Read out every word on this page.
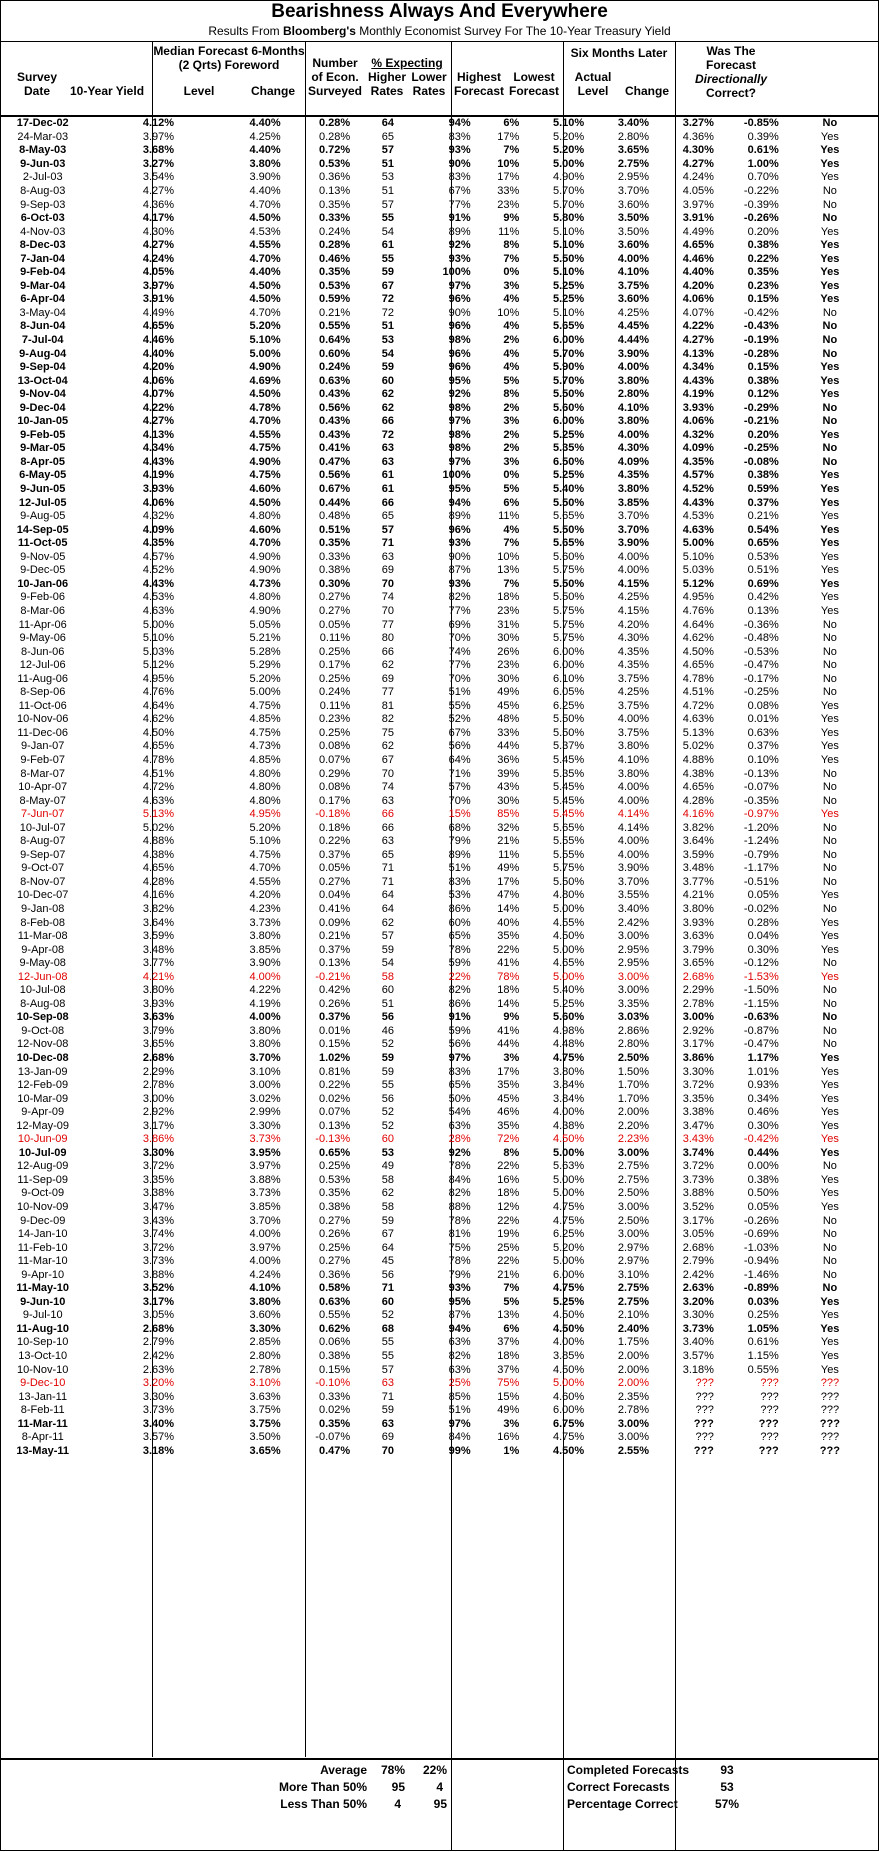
Bearishness Always And Everywhere
Results From Bloomberg's Monthly Economist Survey For The 10-Year Treasury Yield
Survey
Date	10-Year Yield
Median Forecast 6-Months
(2 Qrts) Foreword
Level	Change
Number
of Econ.
Surveyed
% Expecting
Higher
Rates
Lower
Rates
Highest
Forecast
Lowest
Forecast
Six Months Later
Actual
Level	Change
Was The
Forecast
Directionally
Correct?
17-Dec-02	4.12%	4.40%	0.28%	64	94%	6%	5.10%	3.40%	3.27%	-0.85%	No
24-Mar-03	3.97%	4.25%	0.28%	65	83%	17%	5.20%	2.80%	4.36%	0.39%	Yes
8-May-03	3.68%	4.40%	0.72%	57	93%	7%	5.20%	3.65%	4.30%	0.61%	Yes
9-Jun-03	3.27%	3.80%	0.53%	51	90%	10%	5.00%	2.75%	4.27%	1.00%	Yes
2-Jul-03	3.54%	3.90%	0.36%	53	83%	17%	4.90%	2.95%	4.24%	0.70%	Yes
8-Aug-03	4.27%	4.40%	0.13%	51	67%	33%	5.70%	3.70%	4.05%	-0.22%	No
9-Sep-03	4.36%	4.70%	0.35%	57	77%	23%	5.70%	3.60%	3.97%	-0.39%	No
6-Oct-03	4.17%	4.50%	0.33%	55	91%	9%	5.80%	3.50%	3.91%	-0.26%	No
4-Nov-03	4.30%	4.53%	0.24%	54	89%	11%	5.10%	3.50%	4.49%	0.20%	Yes
8-Dec-03	4.27%	4.55%	0.28%	61	92%	8%	5.10%	3.60%	4.65%	0.38%	Yes
7-Jan-04	4.24%	4.70%	0.46%	55	93%	7%	5.50%	4.00%	4.46%	0.22%	Yes
9-Feb-04	4.05%	4.40%	0.35%	59	100%	0%	5.10%	4.10%	4.40%	0.35%	Yes
9-Mar-04	3.97%	4.50%	0.53%	67	97%	3%	5.25%	3.75%	4.20%	0.23%	Yes
6-Apr-04	3.91%	4.50%	0.59%	72	96%	4%	5.25%	3.60%	4.06%	0.15%	Yes
3-May-04	4.49%	4.70%	0.21%	72	90%	10%	5.10%	4.25%	4.07%	-0.42%	No
8-Jun-04	4.65%	5.20%	0.55%	51	96%	4%	5.65%	4.45%	4.22%	-0.43%	No
7-Jul-04	4.46%	5.10%	0.64%	53	98%	2%	6.00%	4.44%	4.27%	-0.19%	No
9-Aug-04	4.40%	5.00%	0.60%	54	96%	4%	5.70%	3.90%	4.13%	-0.28%	No
9-Sep-04	4.20%	4.90%	0.24%	59	96%	4%	5.90%	4.00%	4.34%	0.15%	Yes
13-Oct-04	4.06%	4.69%	0.63%	60	95%	5%	5.70%	3.80%	4.43%	0.38%	Yes
9-Nov-04	4.07%	4.50%	0.43%	62	92%	8%	5.50%	2.80%	4.19%	0.12%	Yes
9-Dec-04	4.22%	4.78%	0.56%	62	98%	2%	5.60%	4.10%	3.93%	-0.29%	No
10-Jan-05	4.27%	4.70%	0.43%	66	97%	3%	6.00%	3.80%	4.06%	-0.21%	No
9-Feb-05	4.13%	4.55%	0.43%	72	98%	2%	5.25%	4.00%	4.32%	0.20%	Yes
9-Mar-05	4.34%	4.75%	0.41%	63	98%	2%	5.35%	4.30%	4.09%	-0.25%	No
8-Apr-05	4.43%	4.90%	0.47%	63	97%	3%	6.50%	4.09%	4.35%	-0.08%	No
6-May-05	4.19%	4.75%	0.56%	61	100%	0%	5.25%	4.35%	4.57%	0.38%	Yes
9-Jun-05	3.93%	4.60%	0.67%	61	95%	5%	5.40%	3.80%	4.52%	0.59%	Yes
12-Jul-05	4.06%	4.50%	0.44%	66	94%	6%	5.50%	3.85%	4.43%	0.37%	Yes
9-Aug-05	4.32%	4.80%	0.48%	65	89%	11%	5.65%	3.70%	4.53%	0.21%	Yes
14-Sep-05	4.09%	4.60%	0.51%	57	96%	4%	5.50%	3.70%	4.63%	0.54%	Yes
11-Oct-05	4.35%	4.70%	0.35%	71	93%	7%	5.65%	3.90%	5.00%	0.65%	Yes
9-Nov-05	4.57%	4.90%	0.33%	63	90%	10%	5.60%	4.00%	5.10%	0.53%	Yes
9-Dec-05	4.52%	4.90%	0.38%	69	87%	13%	5.75%	4.00%	5.03%	0.51%	Yes
10-Jan-06	4.43%	4.73%	0.30%	70	93%	7%	5.50%	4.15%	5.12%	0.69%	Yes
9-Feb-06	4.53%	4.80%	0.27%	74	82%	18%	5.50%	4.25%	4.95%	0.42%	Yes
8-Mar-06	4.63%	4.90%	0.27%	70	77%	23%	5.75%	4.15%	4.76%	0.13%	Yes
11-Apr-06	5.00%	5.05%	0.05%	77	69%	31%	5.75%	4.20%	4.64%	-0.36%	No
9-May-06	5.10%	5.21%	0.11%	80	70%	30%	5.75%	4.30%	4.62%	-0.48%	No
8-Jun-06	5.03%	5.28%	0.25%	66	74%	26%	6.00%	4.35%	4.50%	-0.53%	No
12-Jul-06	5.12%	5.29%	0.17%	62	77%	23%	6.00%	4.35%	4.65%	-0.47%	No
11-Aug-06	4.95%	5.20%	0.25%	69	70%	30%	6.10%	3.75%	4.78%	-0.17%	No
8-Sep-06	4.76%	5.00%	0.24%	77	51%	49%	6.05%	4.25%	4.51%	-0.25%	No
11-Oct-06	4.64%	4.75%	0.11%	81	55%	45%	6.25%	3.75%	4.72%	0.08%	Yes
10-Nov-06	4.62%	4.85%	0.23%	82	52%	48%	5.50%	4.00%	4.63%	0.01%	Yes
11-Dec-06	4.50%	4.75%	0.25%	75	67%	33%	5.50%	3.75%	5.13%	0.63%	Yes
9-Jan-07	4.65%	4.73%	0.08%	62	56%	44%	5.37%	3.80%	5.02%	0.37%	Yes
9-Feb-07	4.78%	4.85%	0.07%	67	64%	36%	5.45%	4.10%	4.88%	0.10%	Yes
8-Mar-07	4.51%	4.80%	0.29%	70	71%	39%	5.35%	3.80%	4.38%	-0.13%	No
10-Apr-07	4.72%	4.80%	0.08%	74	57%	43%	5.45%	4.00%	4.65%	-0.07%	No
8-May-07	4.63%	4.80%	0.17%	63	70%	30%	5.45%	4.00%	4.28%	-0.35%	No
7-Jun-07	5.13%	4.95%	-0.18%	66	15%	85%	5.45%	4.14%	4.16%	-0.97%	Yes
10-Jul-07	5.02%	5.20%	0.18%	66	68%	32%	5.65%	4.14%	3.82%	-1.20%	No
8-Aug-07	4.88%	5.10%	0.22%	63	79%	21%	5.55%	4.00%	3.64%	-1.24%	No
9-Sep-07	4.38%	4.75%	0.37%	65	89%	11%	5.55%	4.00%	3.59%	-0.79%	No
9-Oct-07	4.65%	4.70%	0.05%	71	51%	49%	5.75%	3.90%	3.48%	-1.17%	No
8-Nov-07	4.28%	4.55%	0.27%	71	83%	17%	5.50%	3.70%	3.77%	-0.51%	No
10-Dec-07	4.16%	4.20%	0.04%	64	53%	47%	4.80%	3.55%	4.21%	0.05%	Yes
9-Jan-08	3.82%	4.23%	0.41%	64	86%	14%	5.00%	3.40%	3.80%	-0.02%	No
8-Feb-08	3.64%	3.73%	0.09%	62	60%	40%	4.55%	2.42%	3.93%	0.28%	Yes
11-Mar-08	3.59%	3.80%	0.21%	57	65%	35%	4.50%	3.00%	3.63%	0.04%	Yes
9-Apr-08	3.48%	3.85%	0.37%	59	78%	22%	5.00%	2.95%	3.79%	0.30%	Yes
9-May-08	3.77%	3.90%	0.13%	54	59%	41%	4.65%	2.95%	3.65%	-0.12%	No
12-Jun-08	4.21%	4.00%	-0.21%	58	22%	78%	5.00%	3.00%	2.68%	-1.53%	Yes
10-Jul-08	3.80%	4.22%	0.42%	60	82%	18%	5.40%	3.00%	2.29%	-1.50%	No
8-Aug-08	3.93%	4.19%	0.26%	51	86%	14%	5.25%	3.35%	2.78%	-1.15%	No
10-Sep-08	3.63%	4.00%	0.37%	56	91%	9%	5.60%	3.03%	3.00%	-0.63%	No
9-Oct-08	3.79%	3.80%	0.01%	46	59%	41%	4.98%	2.86%	2.92%	-0.87%	No
12-Nov-08	3.65%	3.80%	0.15%	52	56%	44%	4.48%	2.80%	3.17%	-0.47%	No
10-Dec-08	2.68%	3.70%	1.02%	59	97%	3%	4.75%	2.50%	3.86%	1.17%	Yes
13-Jan-09	2.29%	3.10%	0.81%	59	83%	17%	3.80%	1.50%	3.30%	1.01%	Yes
12-Feb-09	2.78%	3.00%	0.22%	55	65%	35%	3.84%	1.70%	3.72%	0.93%	Yes
10-Mar-09	3.00%	3.02%	0.02%	56	50%	45%	3.84%	1.70%	3.35%	0.34%	Yes
9-Apr-09	2.92%	2.99%	0.07%	52	54%	46%	4.00%	2.00%	3.38%	0.46%	Yes
12-May-09	3.17%	3.30%	0.13%	52	63%	35%	4.38%	2.20%	3.47%	0.30%	Yes
10-Jun-09	3.86%	3.73%	-0.13%	60	28%	72%	4.50%	2.23%	3.43%	-0.42%	Yes
10-Jul-09	3.30%	3.95%	0.65%	53	92%	8%	5.00%	3.00%	3.74%	0.44%	Yes
12-Aug-09	3.72%	3.97%	0.25%	49	78%	22%	5.63%	2.75%	3.72%	0.00%	No
11-Sep-09	3.35%	3.88%	0.53%	58	84%	16%	5.00%	2.75%	3.73%	0.38%	Yes
9-Oct-09	3.38%	3.73%	0.35%	62	82%	18%	5.00%	2.50%	3.88%	0.50%	Yes
10-Nov-09	3.47%	3.85%	0.38%	58	88%	12%	4.75%	3.00%	3.52%	0.05%	Yes
9-Dec-09	3.43%	3.70%	0.27%	59	78%	22%	4.75%	2.50%	3.17%	-0.26%	No
14-Jan-10	3.74%	4.00%	0.26%	67	81%	19%	6.25%	3.00%	3.05%	-0.69%	No
11-Feb-10	3.72%	3.97%	0.25%	64	75%	25%	5.20%	2.97%	2.68%	-1.03%	No
11-Mar-10	3.73%	4.00%	0.27%	45	78%	22%	5.00%	2.97%	2.79%	-0.94%	No
9-Apr-10	3.88%	4.24%	0.36%	56	79%	21%	6.00%	3.10%	2.42%	-1.46%	No
11-May-10	3.52%	4.10%	0.58%	71	93%	7%	4.75%	2.75%	2.63%	-0.89%	No
9-Jun-10	3.17%	3.80%	0.63%	60	95%	5%	5.25%	2.75%	3.20%	0.03%	Yes
9-Jul-10	3.05%	3.60%	0.55%	52	87%	13%	4.50%	2.10%	3.30%	0.25%	Yes
11-Aug-10	2.68%	3.30%	0.62%	68	94%	6%	4.50%	2.40%	3.73%	1.05%	Yes
10-Sep-10	2.79%	2.85%	0.06%	55	63%	37%	4.00%	1.75%	3.40%	0.61%	Yes
13-Oct-10	2.42%	2.80%	0.38%	55	82%	18%	3.85%	2.00%	3.57%	1.15%	Yes
10-Nov-10	2.63%	2.78%	0.15%	57	63%	37%	4.50%	2.00%	3.18%	0.55%	Yes
9-Dec-10	3.20%	3.10%	-0.10%	63	25%	75%	5.00%	2.00%	???	???	???
13-Jan-11	3.30%	3.63%	0.33%	71	85%	15%	4.60%	2.35%	???	???	???
8-Feb-11	3.73%	3.75%	0.02%	59	51%	49%	6.00%	2.78%	???	???	???
11-Mar-11	3.40%	3.75%	0.35%	63	97%	3%	6.75%	3.00%	???	???	???
8-Apr-11	3.57%	3.50%	-0.07%	69	84%	16%	4.75%	3.00%	???	???	???
13-May-11	3.18%	3.65%	0.47%	70	99%	1%	4.50%	2.55%	???	???	???
Average	78%	22%	Completed Forecasts	93
More Than 50%	95	4	Correct Forecasts	53
Less Than 50%	4	95	Percentage Correct	57%
